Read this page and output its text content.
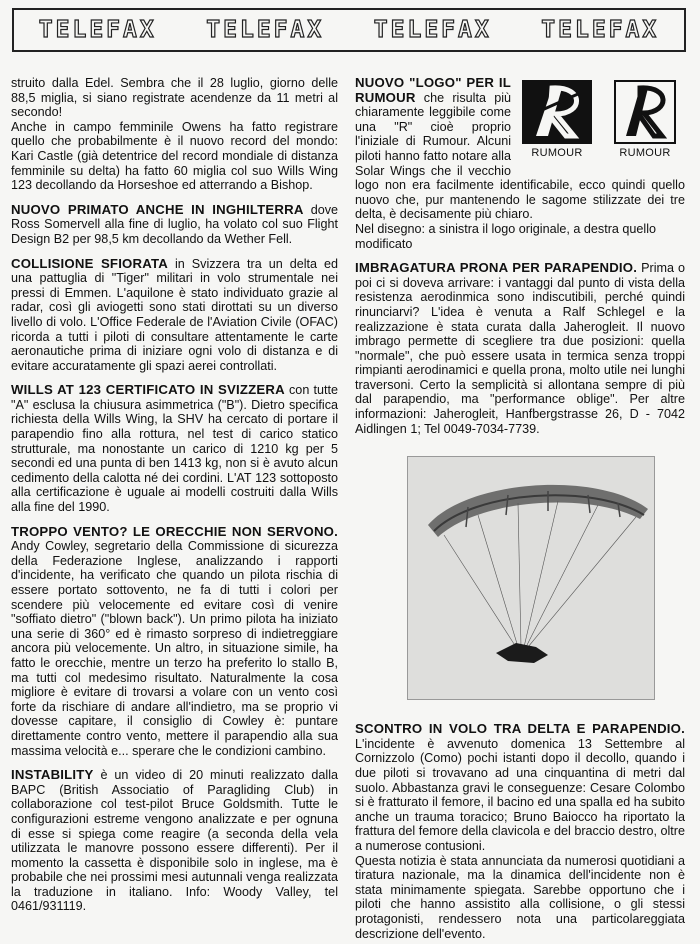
TELEFAX TELEFAX TELEFAX TELEFAX

struito dalla Edel. Sembra che il 28 luglio, giorno delle 88,5 miglia, si siano registrate acendenze da 11 metri al secondo!

Anche in campo femminile Owens ha fatto registrare quello che probabilmente è il nuovo record del mondo: Kari Castle (già detentrice del record mondiale di distanza femminile su delta) ha fatto 60 miglia col suo Wills Wing 123 decollando da Horseshoe ed atterrando a Bishop.

NUOVO PRIMATO ANCHE IN INGHILTERRA dove Ross Somervell alla fine di luglio, ha volato col suo Flight Design B2 per 98,5 km decollando da Wether Fell.

COLLISIONE SFIORATA in Svizzera tra un delta ed una pattuglia di "Tiger" militari in volo strumentale nei pressi di Emmen. L'aquilone è stato individuato grazie al radar, così gli aviogetti sono stati dirottati su un diverso livello di volo. L'Office Federale de l'Aviation Civile (OFAC) ricorda a tutti i piloti di consultare attentamente le carte aeronautiche prima di iniziare ogni volo di distanza e di evitare accuratamente gli spazi aerei controllati.

WILLS AT 123 CERTIFICATO IN SVIZZERA con tutte "A" esclusa la chiusura asimmetrica ("B"). Dietro specifica richiesta della Wills Wing, la SHV ha cercato di portare il parapendio fino alla rottura, nel test di carico statico strutturale, ma nonostante un carico di 1210 kg per 5 secondi ed una punta di ben 1413 kg, non si è avuto alcun cedimento della calotta né dei cordini. L'AT 123 sottoposto alla certificazione è uguale ai modelli costruiti dalla Wills alla fine del 1990.

TROPPO VENTO? LE ORECCHIE NON SERVONO. Andy Cowley, segretario della Commissione di sicurezza della Federazione Inglese, analizzando i rapporti d'incidente, ha verificato che quando un pilota rischia di essere portato sottovento, ne fa di tutti i colori per scendere più velocemente ed evitare così di venire "soffiato dietro" ("blown back"). Un primo pilota ha iniziato una serie di 360° ed è rimasto sorpreso di indietreggiare ancora più velocemente. Un altro, in situazione simile, ha fatto le orecchie, mentre un terzo ha preferito lo stallo B, ma tutti col medesimo risultato. Naturalmente la cosa migliore è evitare di trovarsi a volare con un vento così forte da rischiare di andare all'indietro, ma se proprio vi dovesse capitare, il consiglio di Cowley è: puntare direttamente contro vento, mettere il parapendio alla sua massima velocità e... sperare che le condizioni cambino.

INSTABILITY è un video di 20 minuti realizzato dalla BAPC (British Associatio of Paragliding Club) in collaborazione col test-pilot Bruce Goldsmith. Tutte le configurazioni estreme vengono analizzate e per ognuna di esse si spiega come reagire (a seconda della vela utilizzata le manovre possono essere differenti). Per il momento la cassetta è disponibile solo in inglese, ma è probabile che nei prossimi mesi autunnali venga realizzata la traduzione in italiano. Info: Woody Valley, tel 0461/931119.

RUMOUR	RUMOUR

NUOVO "LOGO" PER IL RUMOUR che risulta più chiaramente leggibile come una "R" cioè proprio l'iniziale di Rumour. Alcuni piloti hanno fatto notare alla Solar Wings che il vecchio logo non era facilmente identificabile, ecco quindi quello nuovo che, pur mantenendo le sagome stilizzate dei tre delta, è decisamente più chiaro.

Nel disegno: a sinistra il logo originale, a destra quello modificato

IMBRAGATURA PRONA PER PARAPENDIO. Prima o poi ci si doveva arrivare: i vantaggi dal punto di vista della resistenza aerodinmica sono indiscutibili, perché quindi rinunciarvi? L'idea è venuta a Ralf Schlegel e la realizzazione è stata curata dalla Jaherogleit. Il nuovo imbrago permette di scegliere tra due posizioni: quella "normale", che può essere usata in termica senza troppi rimpianti aerodinamici e quella prona, molto utile nei lunghi traversoni. Certo la semplicità si allontana sempre di più dal parapendio, ma "performance oblige". Per altre informazioni: Jaherogleit, Hanfbergstrasse 26, D - 7042 Aidlingen 1; Tel 0049-7034-7739.

SCONTRO IN VOLO TRA DELTA E PARAPENDIO. L'incidente è avvenuto domenica 13 Settembre al Cornizzolo (Como) pochi istanti dopo il decollo, quando i due piloti si trovavano ad una cinquantina di metri dal suolo. Abbastanza gravi le conseguenze: Cesare Colombo si è fratturato il femore, il bacino ed una spalla ed ha subito anche un trauma toracico; Bruno Baiocco ha riportato la frattura del femore della clavicola e del braccio destro, oltre a numerose contusioni.

Questa notizia è stata annunciata da numerosi quotidiani a tiratura nazionale, ma la dinamica dell'incidente non è stata minimamente spiegata. Sarebbe opportuno che i piloti che hanno assistito alla collisione, o gli stessi protagonisti, rendessero nota una particolareggiata descrizione dell'evento.
